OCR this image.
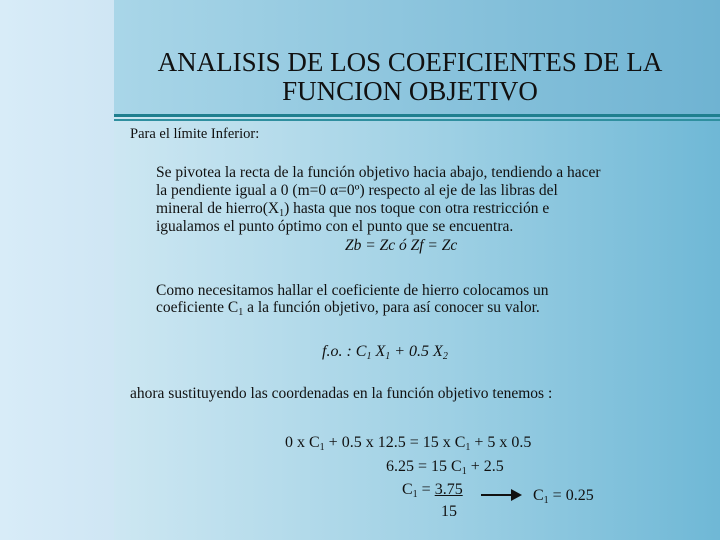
ANALISIS DE LOS COEFICIENTES DE LA
FUNCION OBJETIVO
Para el límite Inferior:
Se pivotea la recta de la función objetivo hacia abajo, tendiendo a hacer
la pendiente igual a 0 (m=0 α=0º) respecto al eje de las libras del
mineral de $hierro(X_1)$ hasta que nos toque con otra restricción e
igualamos el punto óptimo con el punto que se encuentra.
Zb = Zc ó Zf = Zc
Como necesitamos hallar el coeficiente de hierro colocamos un
coeficiente $C_1$ a la función objetivo, para así conocer su valor.
f.o. : $C_1$ $X_1 + 0.5$ $X_2$
ahora sustituyendo las coordenadas en la función objetivo tenemos :
0 x $C_1 + 0.5$ x 12.5 = 15 x $C_1 + 5$ x 0.5
6.25 = 15 $C_1 + 2.5$
$C_1 = 3.75$
15
$C_1 = 0.25$
